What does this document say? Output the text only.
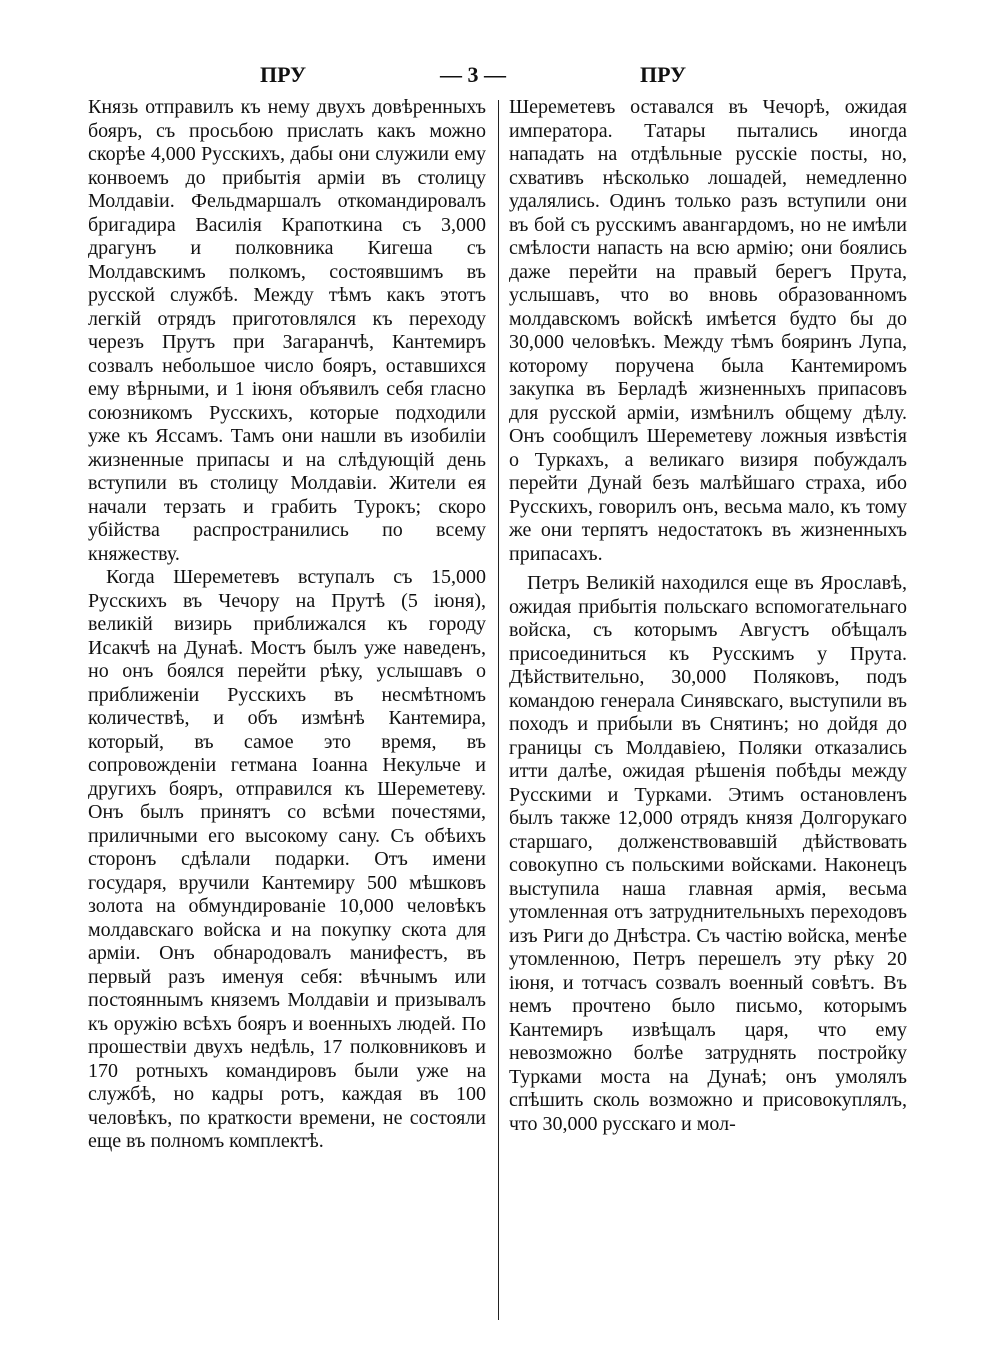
ПРУ	— 3 —	ПРУ

Князь отправилъ къ нему двухъ довѣренныхъ бояръ, съ просьбою прислать какъ можно скорѣе 4,000 Русскихъ, дабы они служили ему конвоемъ до прибытія арміи въ столицу Молдавіи. Фельдмаршалъ откомандировалъ бригадира Василія Крапоткина съ 3,000 драгунъ и полковника Кигеша съ Молдавскимъ полкомъ, состоявшимъ въ русской службѣ. Между тѣмъ какъ этотъ легкій отрядъ приготовлялся къ переходу черезъ Прутъ при Загаранчѣ, Кантемиръ созвалъ небольшое число бояръ, оставшихся ему вѣрными, и 1 іюня объявилъ себя гласно союзникомъ Русскихъ, которые подходили уже къ Яссамъ. Тамъ они нашли въ изобиліи жизненные припасы и на слѣдующій день вступили въ столицу Молдавіи. Жители ея начали терзать и грабить Турокъ; скоро убійства распространились по всему княжеству.

Когда Шереметевъ вступалъ съ 15,000 Русскихъ въ Чечору на Прутѣ (5 іюня), великій визирь приближался къ городу Исакчѣ на Дунаѣ. Мостъ былъ уже наведенъ, но онъ боялся перейти рѣку, услышавъ о приближеніи Русскихъ въ несмѣтномъ количествѣ, и объ измѣнѣ Кантемира, который, въ самое это время, въ сопровожденіи гетмана Іоанна Некульче и другихъ бояръ, отправился къ Шереметеву. Онъ былъ принятъ со всѣми почестями, приличными его высокому сану. Съ обѣихъ сторонъ сдѣлали подарки. Отъ имени государя, вручили Кантемиру 500 мѣшковъ золота на обмундированіе 10,000 человѣкъ молдавскаго войска и на покупку скота для арміи. Онъ обнародовалъ манифестъ, въ первый разъ именуя себя: вѣчнымъ или постояннымъ княземъ Молдавіи и призывалъ къ оружію всѣхъ бояръ и военныхъ людей. По прошествіи двухъ недѣль, 17 полковниковъ и 170 ротныхъ командировъ были уже на службѣ, но кадры ротъ, каждая въ 100 человѣкъ, по краткости времени, не состояли еще въ полномъ комплектѣ.

Шереметевъ оставался въ Чечорѣ, ожидая императора. Татары пытались иногда нападать на отдѣльные русскіе посты, но, схвативъ нѣсколько лошадей, немедленно удалялись. Одинъ только разъ вступили они въ бой съ русскимъ авангардомъ, но не имѣли смѣлости напасть на всю армію; они боялись даже перейти на правый берегъ Прута, услышавъ, что во вновь образованномъ молдавскомъ войскѣ имѣется будто бы до 30,000 человѣкъ. Между тѣмъ бояринъ Лупа, которому поручена была Кантемиромъ закупка въ Берладѣ жизненныхъ припасовъ для русской арміи, измѣнилъ общему дѣлу. Онъ сообщилъ Шереметеву ложныя извѣстія о Туркахъ, а великаго визиря побуждалъ перейти Дунай безъ малѣйшаго страха, ибо Русскихъ, говорилъ онъ, весьма мало, къ тому же они терпятъ недостатокъ въ жизненныхъ припасахъ.

Петръ Великій находился еще въ Ярославѣ, ожидая прибытія польскаго вспомогательнаго войска, съ которымъ Августъ обѣщалъ присоединиться къ Русскимъ у Прута. Дѣйствительно, 30,000 Поляковъ, подъ командою генерала Синявскаго, выступили въ походъ и прибыли въ Снятинъ; но дойдя до границы съ Молдавіею, Поляки отказались итти далѣе, ожидая рѣшенія побѣды между Русскими и Турками. Этимъ остановленъ былъ также 12,000 отрядъ князя Долгорукаго старшаго, долженствовавшій дѣйствовать совокупно съ польскими войсками. Наконецъ выступила наша главная армія, весьма утомленная отъ затруднительныхъ переходовъ изъ Риги до Днѣстра. Съ частію войска, менѣе утомленною, Петръ перешелъ эту рѣку 20 іюня, и тотчасъ созвалъ военный совѣтъ. Въ немъ прочтено было письмо, которымъ Кантемиръ извѣщалъ царя, что ему невозможно болѣе затруднять постройку Турками моста на Дунаѣ; онъ умолялъ спѣшить сколь возможно и присовокуплялъ, что 30,000 русскаго и мол-
